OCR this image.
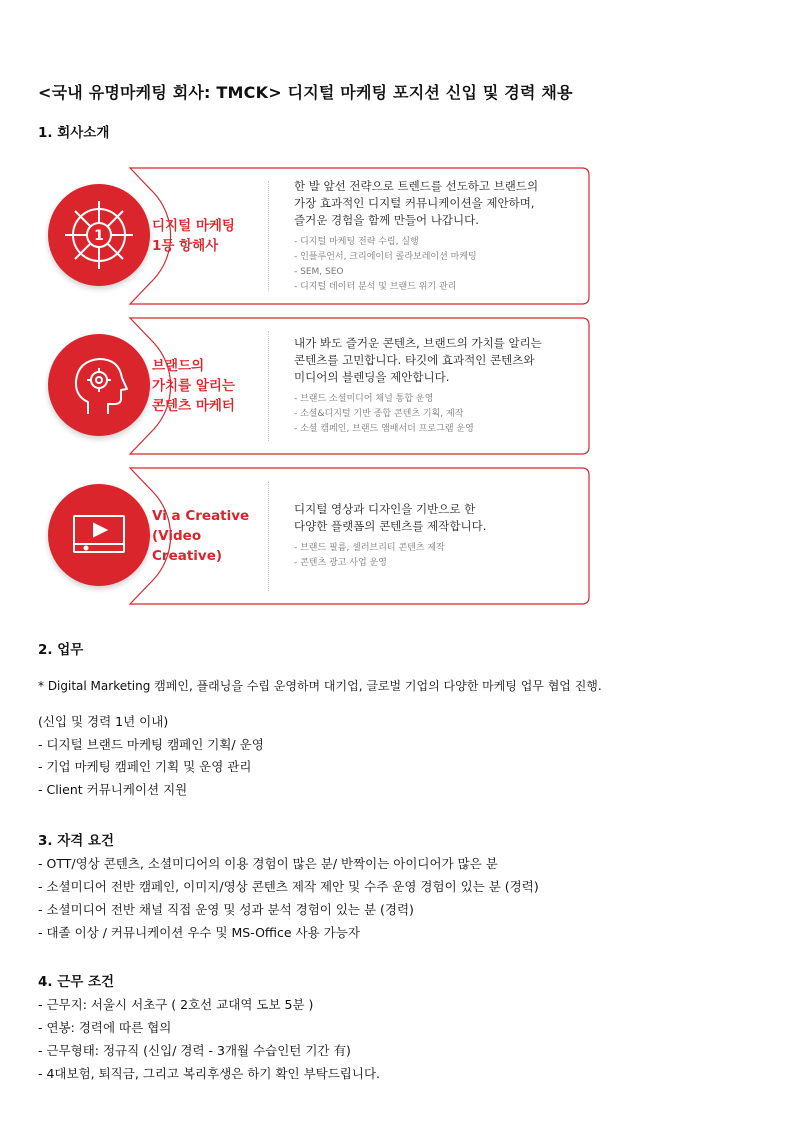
<국내 유명마케팅 회사: TMCK> 디지털 마케팅 포지션 신입 및 경력 채용
1. 회사소개
1
디지털 마케팅
1등 항해사
한 발 앞선 전략으로 트렌드를 선도하고 브랜드의
가장 효과적인 디지털 커뮤니케이션을 제안하며,
즐거운 경험을 함께 만들어 나갑니다.
- 디지털 마케팅 전략 수립, 실행
- 인플루언서, 크리에이터 콜라보레이션 마케팅
- SEM, SEO
- 디지털 데이터 분석 및 브랜드 위기 관리
브랜드의
가치를 알리는
콘텐츠 마케터
내가 봐도 즐거운 콘텐츠, 브랜드의 가치를 알리는
콘텐츠를 고민합니다. 타깃에 효과적인 콘텐츠와
미디어의 블렌딩을 제안합니다.
- 브랜드 소셜미디어 채널 통합 운영
- 소셜&디지털 기반 종합 콘텐츠 기획, 제작
- 소셜 캠페인, 브랜드 앰배서더 프로그램 운영
Vi a Creative
(Video Creative)
디지털 영상과 디자인을 기반으로 한
다양한 플랫폼의 콘텐츠를 제작합니다.
- 브랜드 필름, 셀러브리티 콘텐츠 제작
- 콘텐츠 광고 사업 운영
2. 업무
* Digital Marketing 캠페인, 플래닝을 수립 운영하며 대기업, 글로벌 기업의 다양한 마케팅 업무 협업 진행.
(신입 및 경력 1년 이내)
- 디지털 브랜드 마케팅 캠페인 기획/ 운영
- 기업 마케팅 캠페인 기획 및 운영 관리
- Client 커뮤니케이션 지원
3. 자격 요건
- OTT/영상 콘텐츠, 소셜미디어의 이용 경험이 많은 분/ 반짝이는 아이디어가 많은 분
- 소셜미디어 전반 캠페인, 이미지/영상 콘텐츠 제작 제안 및 수주 운영 경험이 있는 분 (경력)
- 소셜미디어 전반 채널 직접 운영 및 성과 분석 경험이 있는 분 (경력)
- 대졸 이상 / 커뮤니케이션 우수 및 MS-Office 사용 가능자
4. 근무 조건
- 근무지: 서울시 서초구 ( 2호선 교대역 도보 5분 )
- 연봉: 경력에 따른 협의
- 근무형태: 정규직 (신입/ 경력 - 3개월 수습인턴 기간 有)
- 4대보험, 퇴직금, 그리고 복리후생은 하기 확인 부탁드립니다.
